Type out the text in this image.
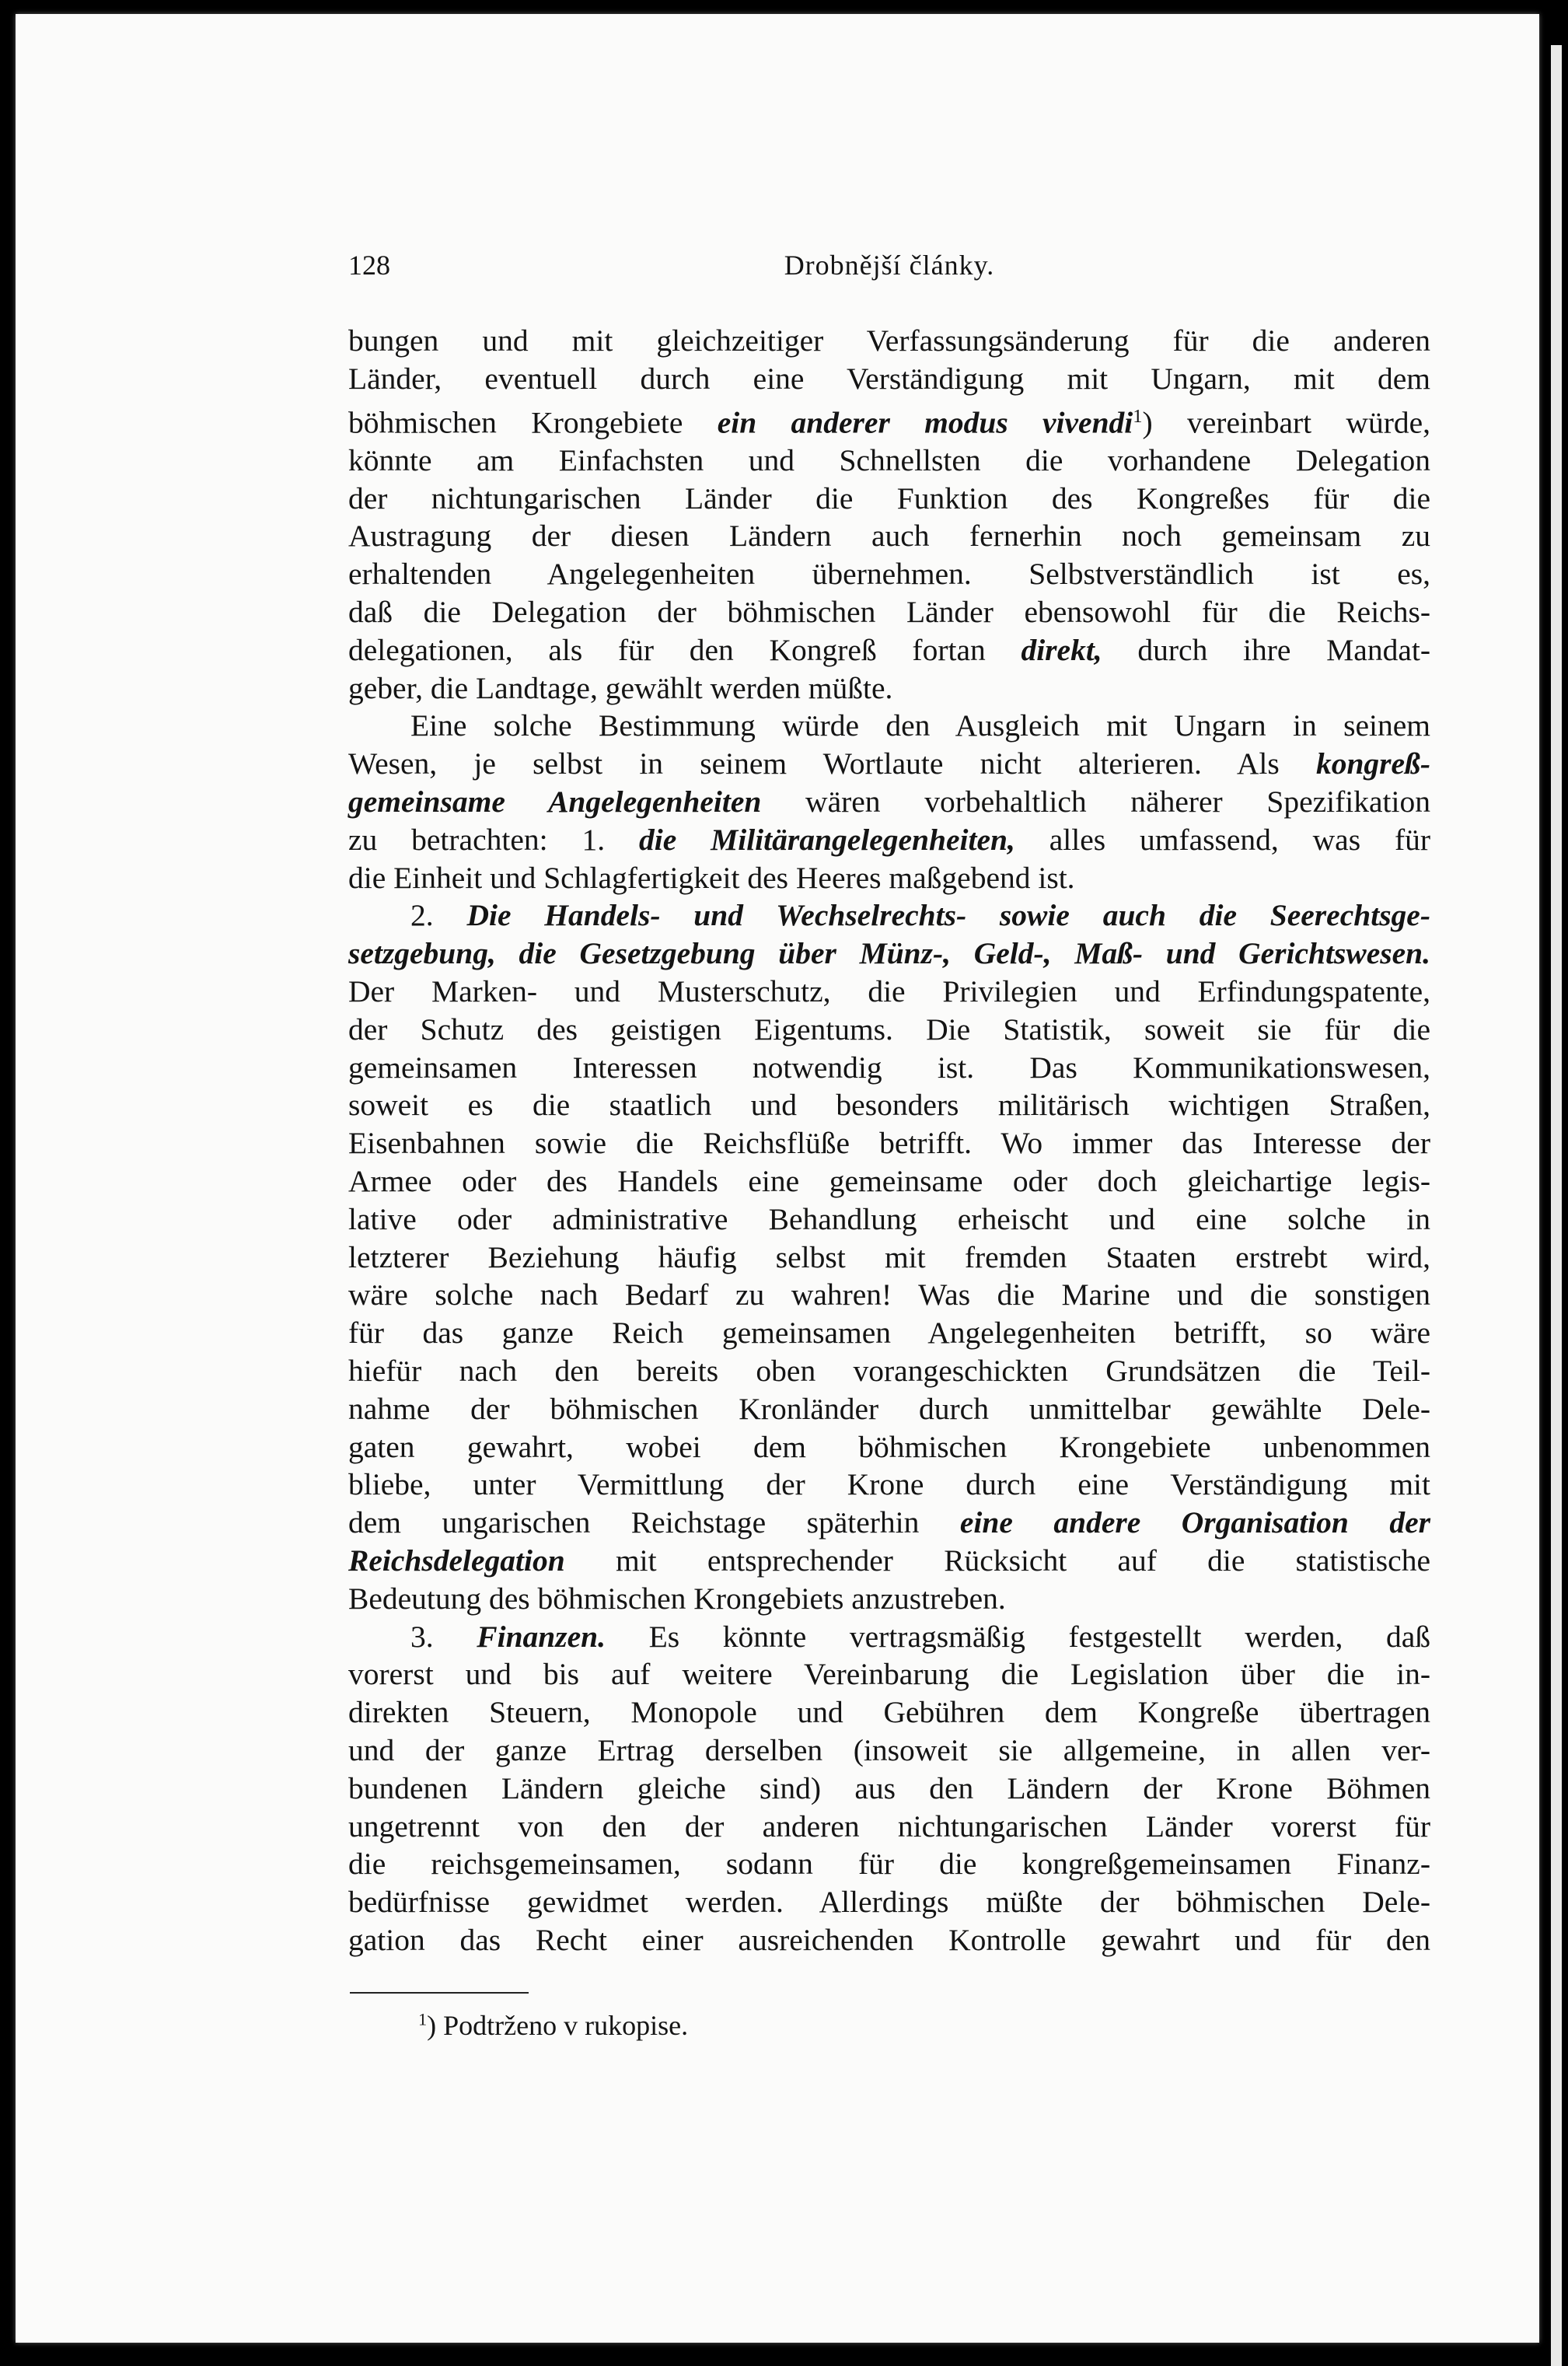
128	Drobnější články.
bungen und mit gleichzeitiger Verfassungsänderung für die anderen
Länder, eventuell durch eine Verständigung mit Ungarn, mit dem
böhmischen Krongebiete ein anderer modus vivendi$^1$) vereinbart würde,
könnte am Einfachsten und Schnellsten die vorhandene Delegation
der nichtungarischen Länder die Funktion des Kongreßes für die
Austragung der diesen Ländern auch fernerhin noch gemeinsam zu
erhaltenden Angelegenheiten übernehmen. Selbstverständlich ist es,
daß die Delegation der böhmischen Länder ebensowohl für die Reichs-
delegationen, als für den Kongreß fortan direkt, durch ihre Mandat-
geber, die Landtage, gewählt werden müßte.
Eine solche Bestimmung würde den Ausgleich mit Ungarn in seinem
Wesen, je selbst in seinem Wortlaute nicht alterieren. Als kongreß-
gemeinsame Angelegenheiten wären vorbehaltlich näherer Spezifikation
zu betrachten: 1. die Militärangelegenheiten, alles umfassend, was für
die Einheit und Schlagfertigkeit des Heeres maßgebend ist.
2. Die Handels- und Wechselrechts- sowie auch die Seerechtsge-
setzgebung, die Gesetzgebung über Münz-, Geld-, Maß- und Gerichtswesen.
Der Marken- und Musterschutz, die Privilegien und Erfindungspatente,
der Schutz des geistigen Eigentums. Die Statistik, soweit sie für die
gemeinsamen Interessen notwendig ist. Das Kommunikationswesen,
soweit es die staatlich und besonders militärisch wichtigen Straßen,
Eisenbahnen sowie die Reichsflüße betrifft. Wo immer das Interesse der
Armee oder des Handels eine gemeinsame oder doch gleichartige legis-
lative oder administrative Behandlung erheischt und eine solche in
letzterer Beziehung häufig selbst mit fremden Staaten erstrebt wird,
wäre solche nach Bedarf zu wahren! Was die Marine und die sonstigen
für das ganze Reich gemeinsamen Angelegenheiten betrifft, so wäre
hiefür nach den bereits oben vorangeschickten Grundsätzen die Teil-
nahme der böhmischen Kronländer durch unmittelbar gewählte Dele-
gaten gewahrt, wobei dem böhmischen Krongebiete unbenommen
bliebe, unter Vermittlung der Krone durch eine Verständigung mit
dem ungarischen Reichstage späterhin eine andere Organisation der
Reichsdelegation mit entsprechender Rücksicht auf die statistische
Bedeutung des böhmischen Krongebiets anzustreben.
3. Finanzen. Es könnte vertragsmäßig festgestellt werden, daß
vorerst und bis auf weitere Vereinbarung die Legislation über die in-
direkten Steuern, Monopole und Gebühren dem Kongreße übertragen
und der ganze Ertrag derselben (insoweit sie allgemeine, in allen ver-
bundenen Ländern gleiche sind) aus den Ländern der Krone Böhmen
ungetrennt von den der anderen nichtungarischen Länder vorerst für
die reichsgemeinsamen, sodann für die kongreßgemeinsamen Finanz-
bedürfnisse gewidmet werden. Allerdings müßte der böhmischen Dele-
gation das Recht einer ausreichenden Kontrolle gewahrt und für den
$^1$) Podtrženo v rukopise.
